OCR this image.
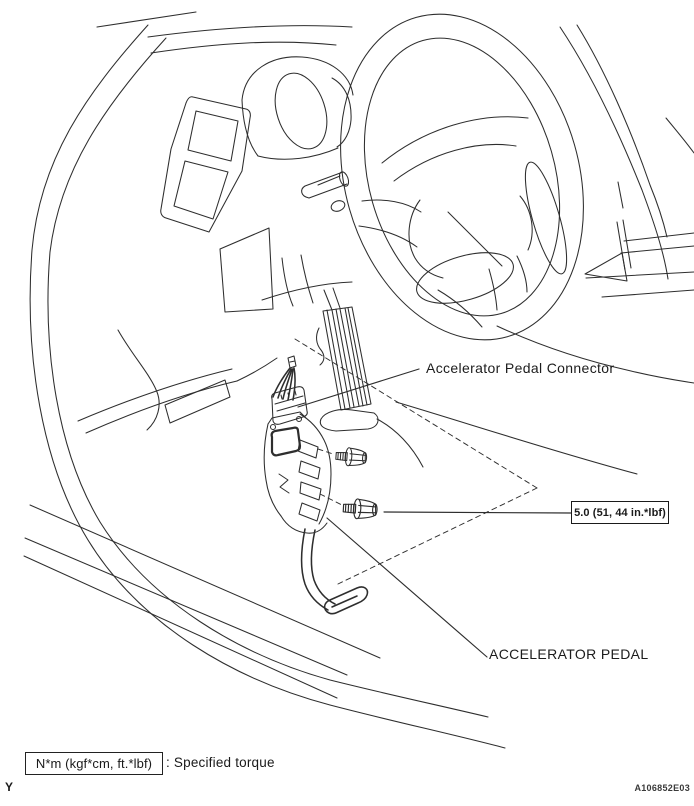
Accelerator Pedal Connector
ACCELERATOR PEDAL
5.0 (51, 44 in.*lbf)
N*m (kgf*cm, ft.*lbf)	: Specified torque
Y	A106852E03
